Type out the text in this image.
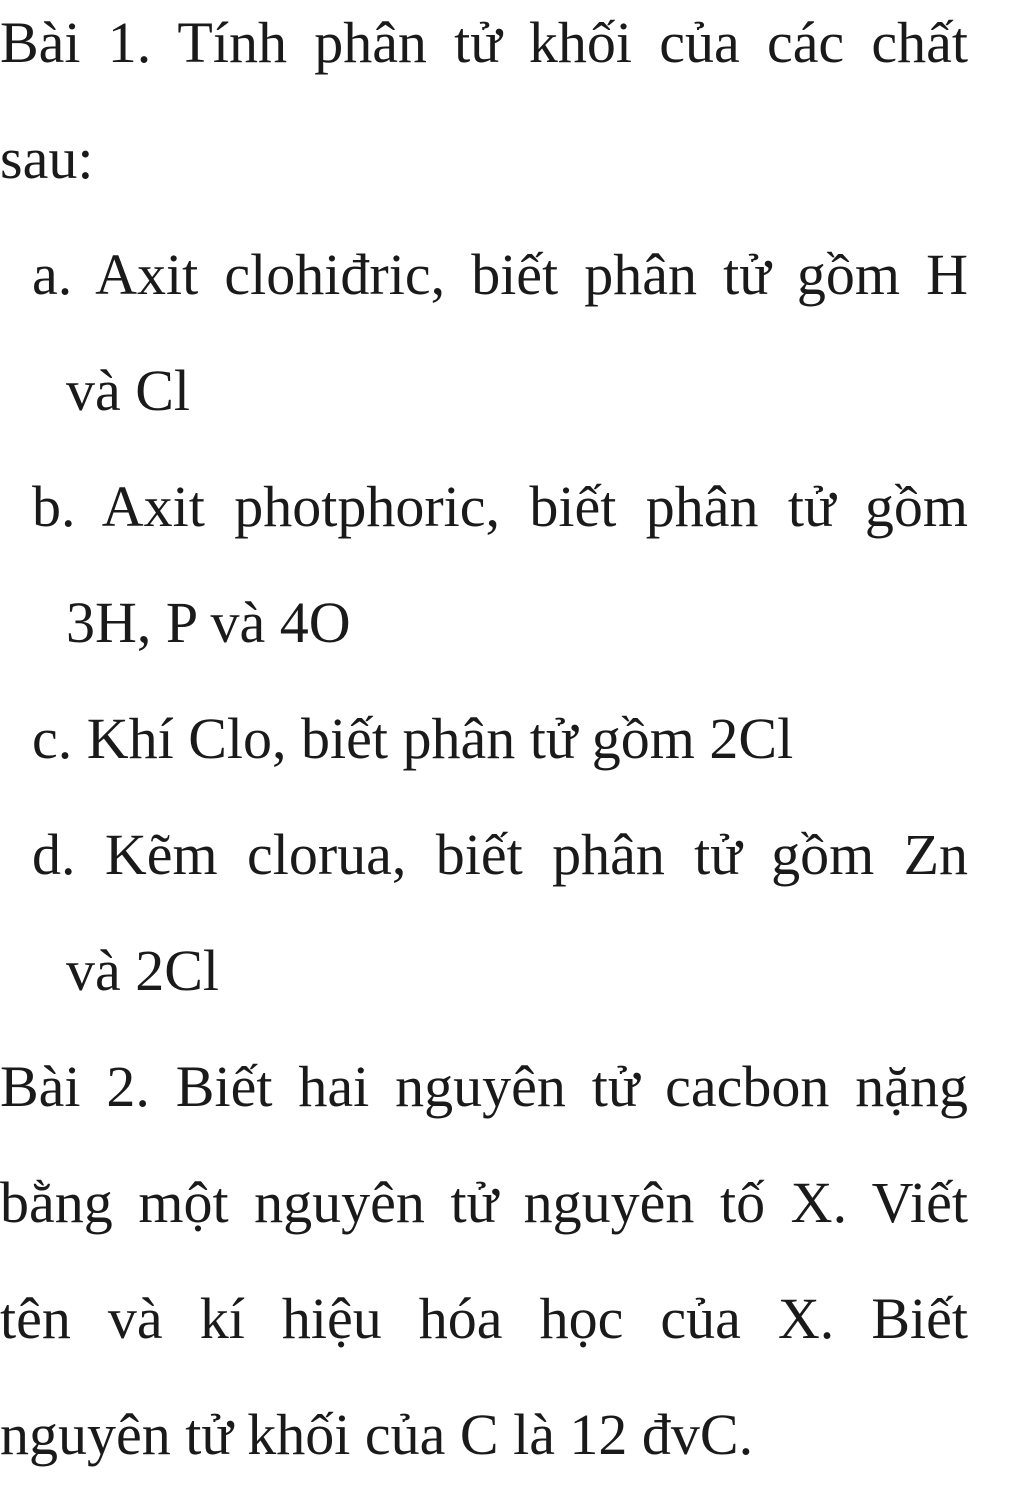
Bài 1. Tính phân tử khối của các chất
sau:
a. Axit clohiđric, biết phân tử gồm H
và Cl
b. Axit photphoric, biết phân tử gồm
3H, P và 4O
c. Khí Clo, biết phân tử gồm 2Cl
d. Kẽm clorua, biết phân tử gồm Zn
và 2Cl
Bài 2. Biết hai nguyên tử cacbon nặng
bằng một nguyên tử nguyên tố X. Viết
tên và kí hiệu hóa học của X. Biết
nguyên tử khối của C là 12 đvC.
